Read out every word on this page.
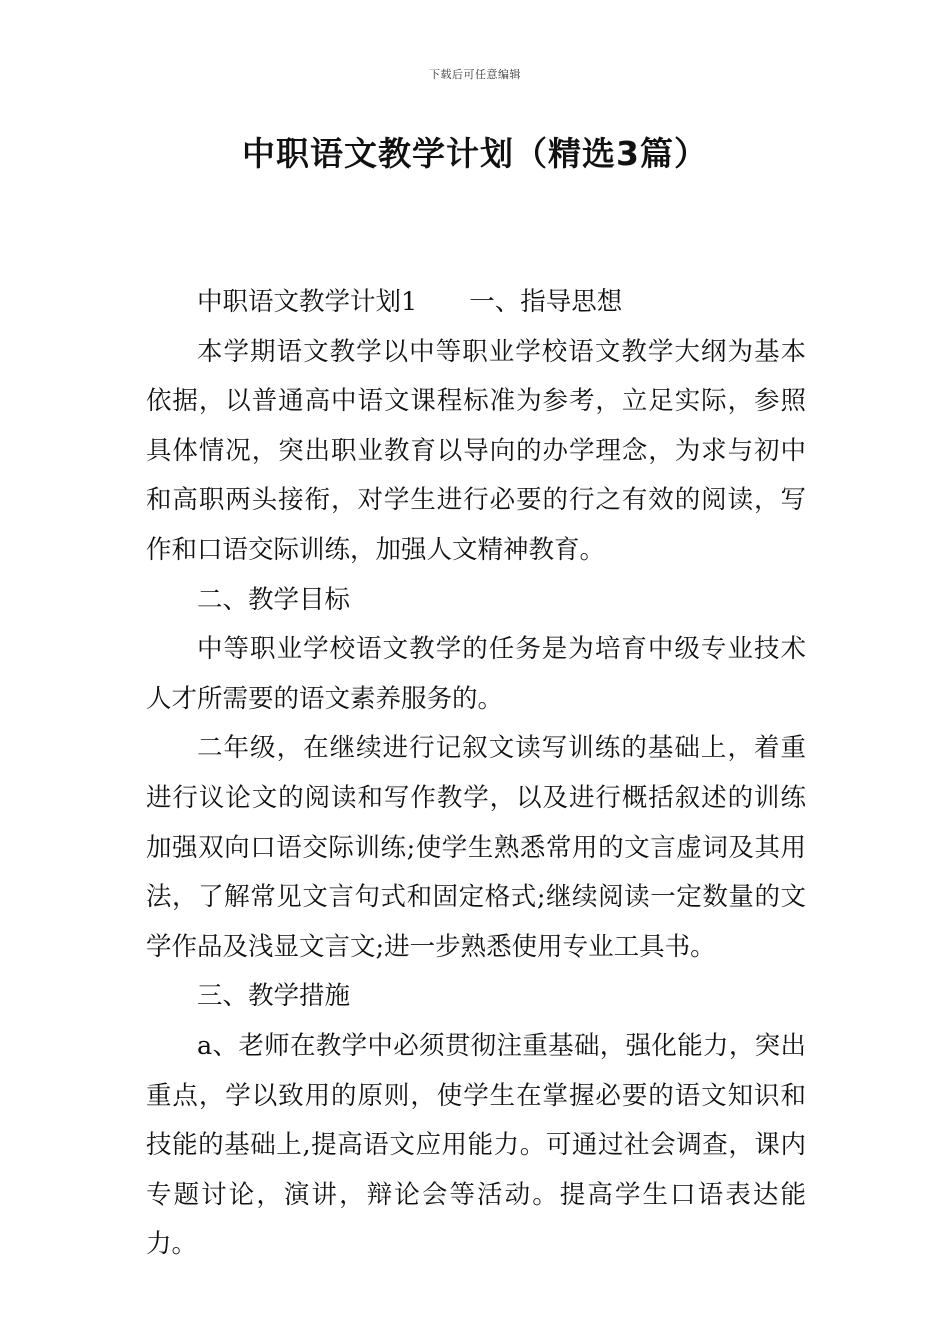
下载后可任意编辑
中职语文教学计划（精选3篇）

中职语文教学计划1 一、指导思想

本学期语文教学以中等职业学校语文教学大纲为基本依据，以普通高中语文课程标准为参考，立足实际，参照具体情况，突出职业教育以导向的办学理念，为求与初中和高职两头接衔，对学生进行必要的行之有效的阅读，写作和口语交际训练，加强人文精神教育。

二、教学目标

中等职业学校语文教学的任务是为培育中级专业技术人才所需要的语文素养服务的。

二年级，在继续进行记叙文读写训练的基础上，着重进行议论文的阅读和写作教学，以及进行概括叙述的训练加强双向口语交际训练;使学生熟悉常用的文言虚词及其用法，了解常见文言句式和固定格式;继续阅读一定数量的文学作品及浅显文言文;进一步熟悉使用专业工具书。

三、教学措施

a、老师在教学中必须贯彻注重基础，强化能力，突出重点，学以致用的原则，使学生在掌握必要的语文知识和技能的基础上,提高语文应用能力。可通过社会调查，课内专题讨论，演讲，辩论会等活动。提高学生口语表达能力。
